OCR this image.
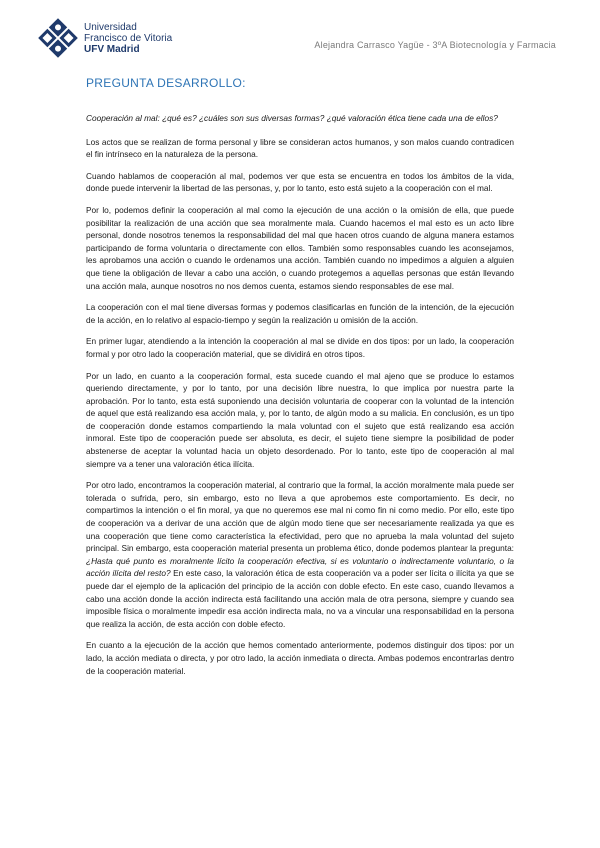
Universidad
Francisco de Vitoria
UFV Madrid	Alejandra Carrasco Yagüe - 3ºA Biotecnología y Farmacia
PREGUNTA DESARROLLO:

Cooperación al mal: ¿qué es? ¿cuáles son sus diversas formas? ¿qué valoración ética tiene cada una de ellos?

Los actos que se realizan de forma personal y libre se consideran actos humanos, y son malos cuando contradicen el fin intrínseco en la naturaleza de la persona.

Cuando hablamos de cooperación al mal, podemos ver que esta se encuentra en todos los ámbitos de la vida, donde puede intervenir la libertad de las personas, y, por lo tanto, esto está sujeto a la cooperación con el mal.

Por lo, podemos definir la cooperación al mal como la ejecución de una acción o la omisión de ella, que puede posibilitar la realización de una acción que sea moralmente mala. Cuando hacemos el mal esto es un acto libre personal, donde nosotros tenemos la responsabilidad del mal que hacen otros cuando de alguna manera estamos participando de forma voluntaria o directamente con ellos. También somo responsables cuando les aconsejamos, les aprobamos una acción o cuando le ordenamos una acción. También cuando no impedimos a alguien a alguien que tiene la obligación de llevar a cabo una acción, o cuando protegemos a aquellas personas que están llevando una acción mala, aunque nosotros no nos demos cuenta, estamos siendo responsables de ese mal.

La cooperación con el mal tiene diversas formas y podemos clasificarlas en función de la intención, de la ejecución de la acción, en lo relativo al espacio-tiempo y según la realización u omisión de la acción.

En primer lugar, atendiendo a la intención la cooperación al mal se divide en dos tipos: por un lado, la cooperación formal y por otro lado la cooperación material, que se dividirá en otros tipos.

Por un lado, en cuanto a la cooperación formal, esta sucede cuando el mal ajeno que se produce lo estamos queriendo directamente, y por lo tanto, por una decisión libre nuestra, lo que implica por nuestra parte la aprobación. Por lo tanto, esta está suponiendo una decisión voluntaria de cooperar con la voluntad de la intención de aquel que está realizando esa acción mala, y, por lo tanto, de algún modo a su malicia. En conclusión, es un tipo de cooperación donde estamos compartiendo la mala voluntad con el sujeto que está realizando esa acción inmoral. Este tipo de cooperación puede ser absoluta, es decir, el sujeto tiene siempre la posibilidad de poder abstenerse de aceptar la voluntad hacia un objeto desordenado. Por lo tanto, este tipo de cooperación al mal siempre va a tener una valoración ética ilícita.

Por otro lado, encontramos la cooperación material, al contrario que la formal, la acción moralmente mala puede ser tolerada o sufrida, pero, sin embargo, esto no lleva a que aprobemos este comportamiento. Es decir, no compartimos la intención o el fin moral, ya que no queremos ese mal ni como fin ni como medio. Por ello, este tipo de cooperación va a derivar de una acción que de algún modo tiene que ser necesariamente realizada ya que es una cooperación que tiene como característica la efectividad, pero que no aprueba la mala voluntad del sujeto principal. Sin embargo, esta cooperación material presenta un problema ético, donde podemos plantear la pregunta: ¿Hasta qué punto es moralmente lícito la cooperación efectiva, si es voluntario o indirectamente voluntario, o la acción ilícita del resto? En este caso, la valoración ética de esta cooperación va a poder ser lícita o ilícita ya que se puede dar el ejemplo de la aplicación del principio de la acción con doble efecto. En este caso, cuando llevamos a cabo una acción donde la acción indirecta está facilitando una acción mala de otra persona, siempre y cuando sea imposible física o moralmente impedir esa acción indirecta mala, no va a vincular una responsabilidad en la persona que realiza la acción, de esta acción con doble efecto.

En cuanto a la ejecución de la acción que hemos comentado anteriormente, podemos distinguir dos tipos: por un lado, la acción mediata o directa, y por otro lado, la acción inmediata o directa. Ambas podemos encontrarlas dentro de la cooperación material.
